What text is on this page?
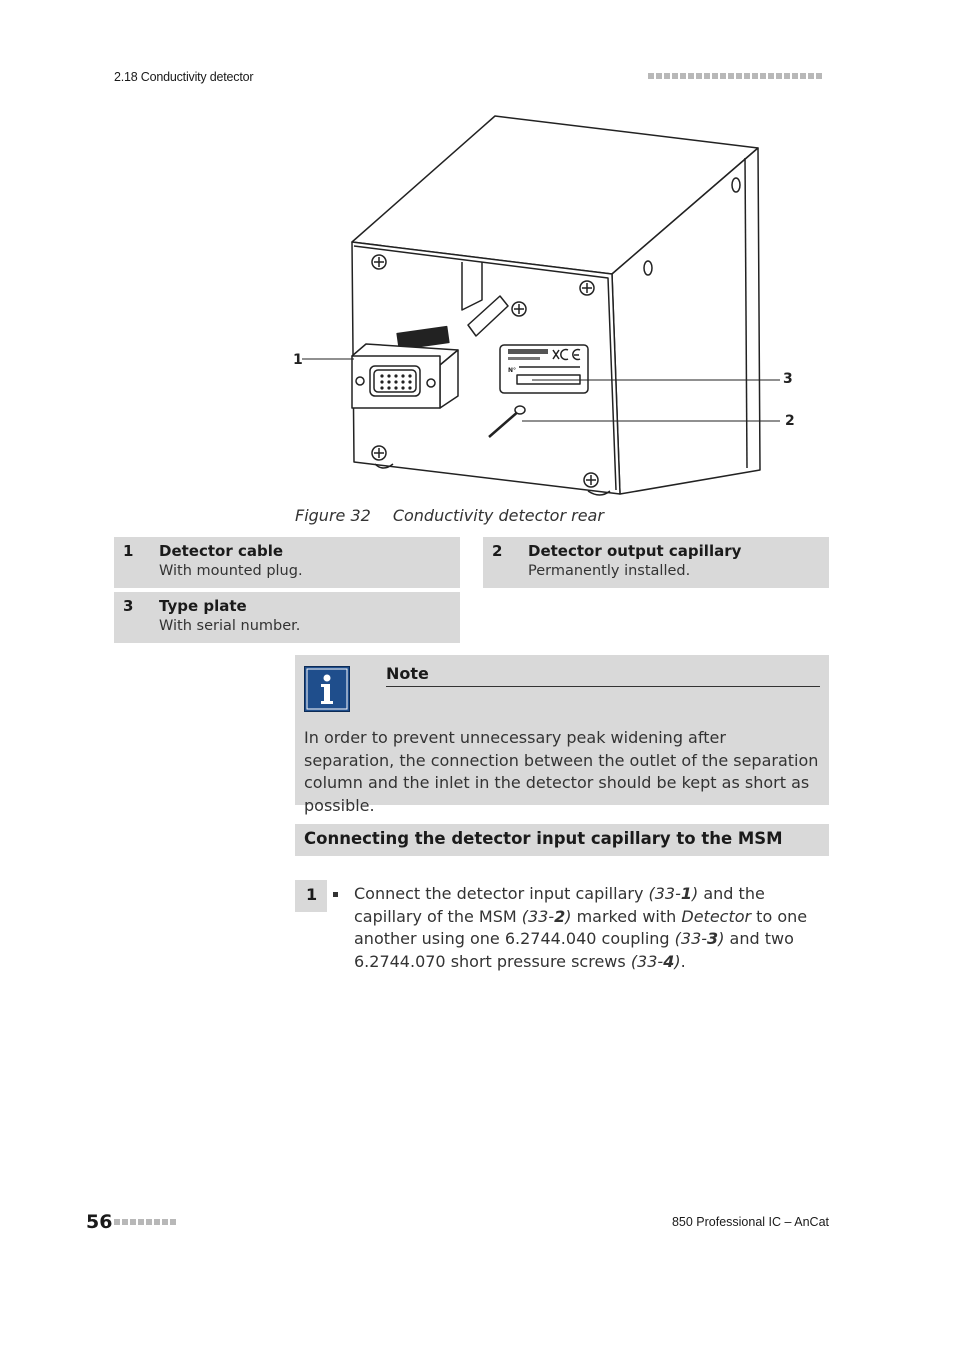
2.18 Conductivity detector
N°
1
3
2
Figure 32 Conductivity detector rear
1 Detector cable
With mounted plug.
2 Detector output capillary
Permanently installed.
3 Type plate
With serial number.
Note
In order to prevent unnecessary peak widening after separation, the connection between the outlet of the separation column and the inlet in the detector should be kept as short as possible.
Connecting the detector input capillary to the MSM
1 Connect the detector input capillary (33-1) and the capillary of the MSM (33-2) marked with Detector to one another using one 6.2744.040 coupling (33-3) and two 6.2744.070 short pressure screws (33-4).
56	850 Professional IC – AnCat
